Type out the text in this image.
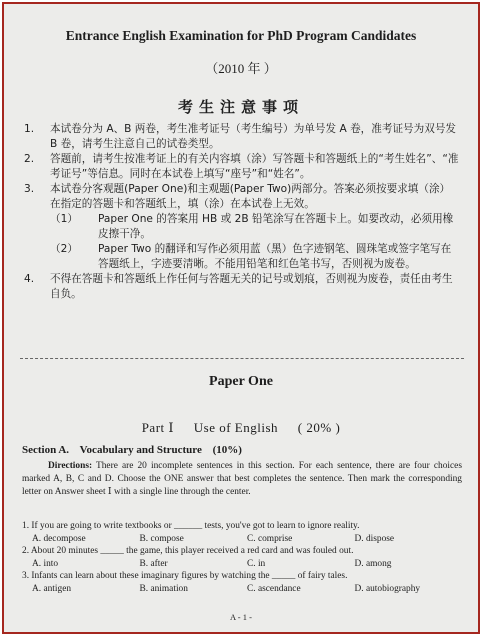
Entrance English Examination for PhD Program Candidates
（2010 年 ）
考生注意事项
1.	本试卷分为 A、B 两卷，考生准考证号（考生编号）为单号发 A 卷，准考证号为双号发 B 卷，请考生注意自己的试卷类型。
2.	答题前，请考生按准考证上的有关内容填（涂）写答题卡和答题纸上的“考生姓名”、“准考证号”等信息。同时在本试卷上填写“座号”和“姓名”。
3.	本试卷分客观题(Paper One)和主观题(Paper Two)两部分。答案必须按要求填（涂）在指定的答题卡和答题纸上，填（涂）在本试卷上无效。
（1）	Paper One 的答案用 HB 或 2B 铅笔涂写在答题卡上。如要改动，必须用橡皮擦干净。
（2）	Paper Two 的翻译和写作必须用蓝（黑）色字迹钢笔、圆珠笔或签字笔写在答题纸上，字迹要清晰。不能用铅笔和红色笔书写，否则视为废卷。
4.	不得在答题卡和答题纸上作任何与答题无关的记号或划痕，否则视为废卷，责任由考生自负。
Paper One
Part Ⅰ Use of English ( 20% )
Section A. Vocabulary and Structure (10%)
Directions: There are 20 incomplete sentences in this section. For each sentence, there are four choices marked A, B, C and D. Choose the ONE answer that best completes the sentence. Then mark the corresponding letter on Answer sheet Ⅰ with a single line through the center.
1. If you are going to write textbooks or ______ tests, you've got to learn to ignore reality.
A. decompose	B. compose	C. comprise	D. dispose
2. About 20 minutes _____ the game, this player received a red card and was fouled out.
A. into	B. after	C. in	D. among
3. Infants can learn about these imaginary figures by watching the _____ of fairy tales.
A. antigen	B. animation	C. ascendance	D. autobiography
A - 1 -
